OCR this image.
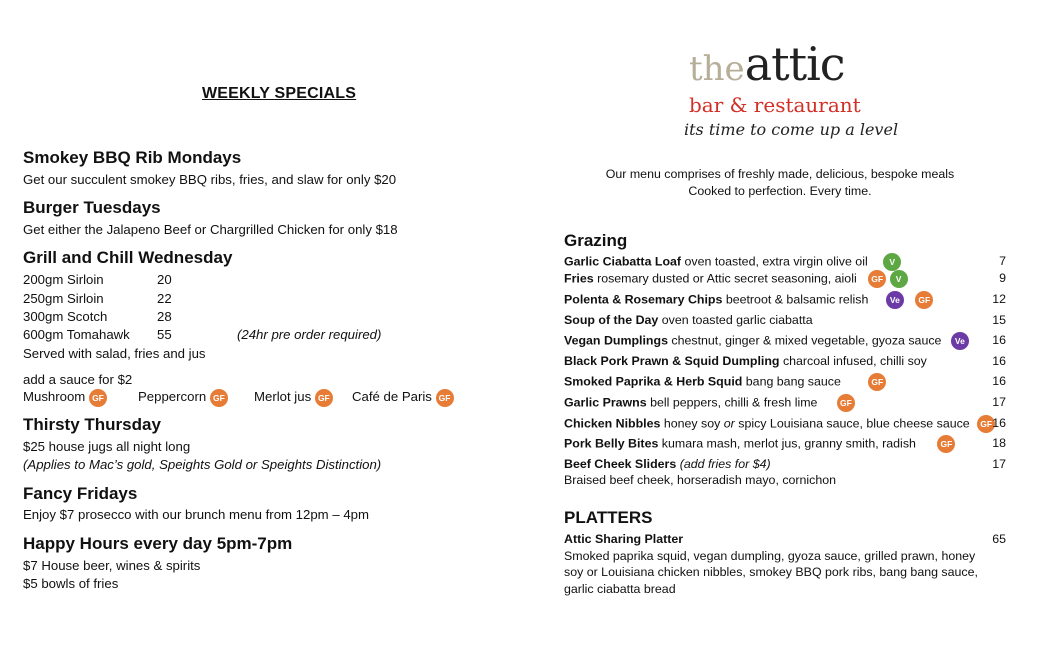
WEEKLY SPECIALS
Smokey BBQ Rib Mondays
Get our succulent smokey BBQ ribs, fries, and slaw for only $20
Burger Tuesdays
Get either the Jalapeno Beef or Chargrilled Chicken for only $18
Grill and Chill Wednesday
200gm Sirloin	20
250gm Sirloin	22
300gm Scotch	28
600gm Tomahawk 55	(24hr pre order required)
Served with salad, fries and jus
add a sauce for $2
Mushroom GF	Peppercorn GF Merlot jus GF Café de Paris GF
Thirsty Thursday
$25 house jugs all night long
(Applies to Mac’s gold, Speights Gold or Speights Distinction)
Fancy Fridays
Enjoy $7 prosecco with our brunch menu from 12pm – 4pm
Happy Hours every day 5pm-7pm
$7 House beer, wines & spirits
$5 bowls of fries
theattic
bar & restaurant
its time to come up a level
Our menu comprises of freshly made, delicious, bespoke meals
Cooked to perfection. Every time.
Grazing
Garlic Ciabatta Loaf oven toasted, extra virgin olive oil	V	7
Fries rosemary dusted or Attic secret seasoning, aioli GF V	9
Polenta & Rosemary Chips beetroot & balsamic relish	Ve GF	12
Soup of the Day oven toasted garlic ciabatta	15
Vegan Dumplings chestnut, ginger & mixed vegetable, gyoza sauce Ve 16
Black Pork Prawn & Squid Dumpling charcoal infused, chilli soy	16
Smoked Paprika & Herb Squid bang bang sauce	GF	16
Garlic Prawns bell peppers, chilli & fresh lime	GF	17
Chicken Nibbles honey soy or spicy Louisiana sauce, blue cheese sauce GF 16
Pork Belly Bites kumara mash, merlot jus, granny smith, radish	GF	18
Beef Cheek Sliders (add fries for $4)	17
Braised beef cheek, horseradish mayo, cornichon
PLATTERS
Attic Sharing Platter	65
Smoked paprika squid, vegan dumpling, gyoza sauce, grilled prawn, honey
soy or Louisiana chicken nibbles, smokey BBQ pork ribs, bang bang sauce,
garlic ciabatta bread
